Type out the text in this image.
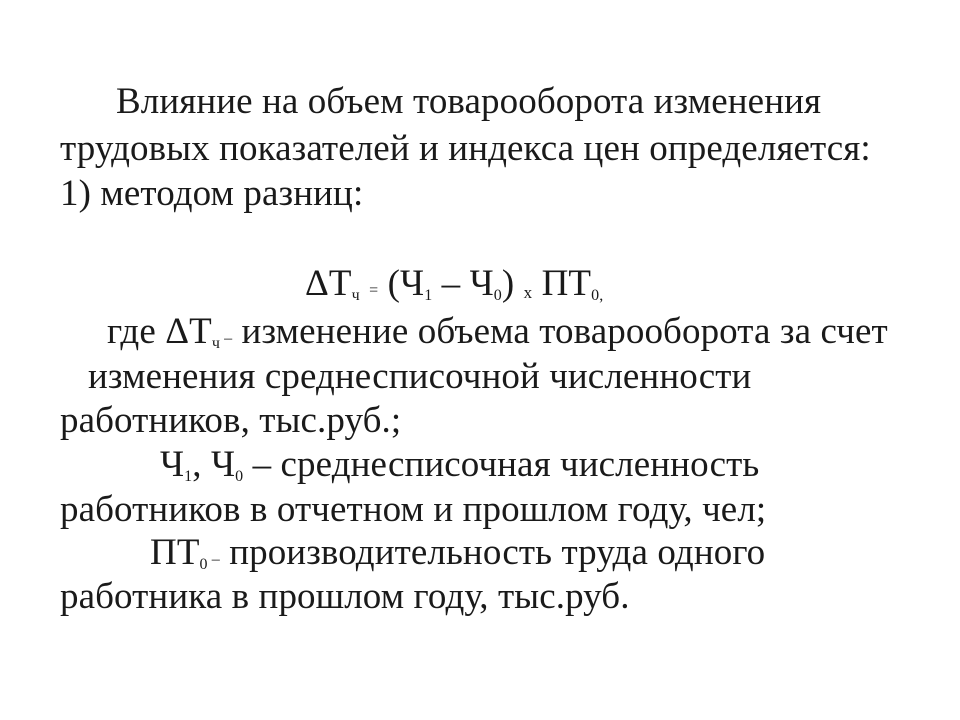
Влияние на объем товарооборота изменения
трудовых показателей и индекса цен определяется:
1) методом разниц:
ΔТч = (Ч1 – Ч0) х ПТ0,
где ΔТч – изменение объема товарооборота за счет
изменения среднесписочной численности
работников, тыс.руб.;
Ч1, Ч0 – среднесписочная численность
работников в отчетном и прошлом году, чел;
ПТ0 – производительность труда одного
работника в прошлом году, тыс.руб.
